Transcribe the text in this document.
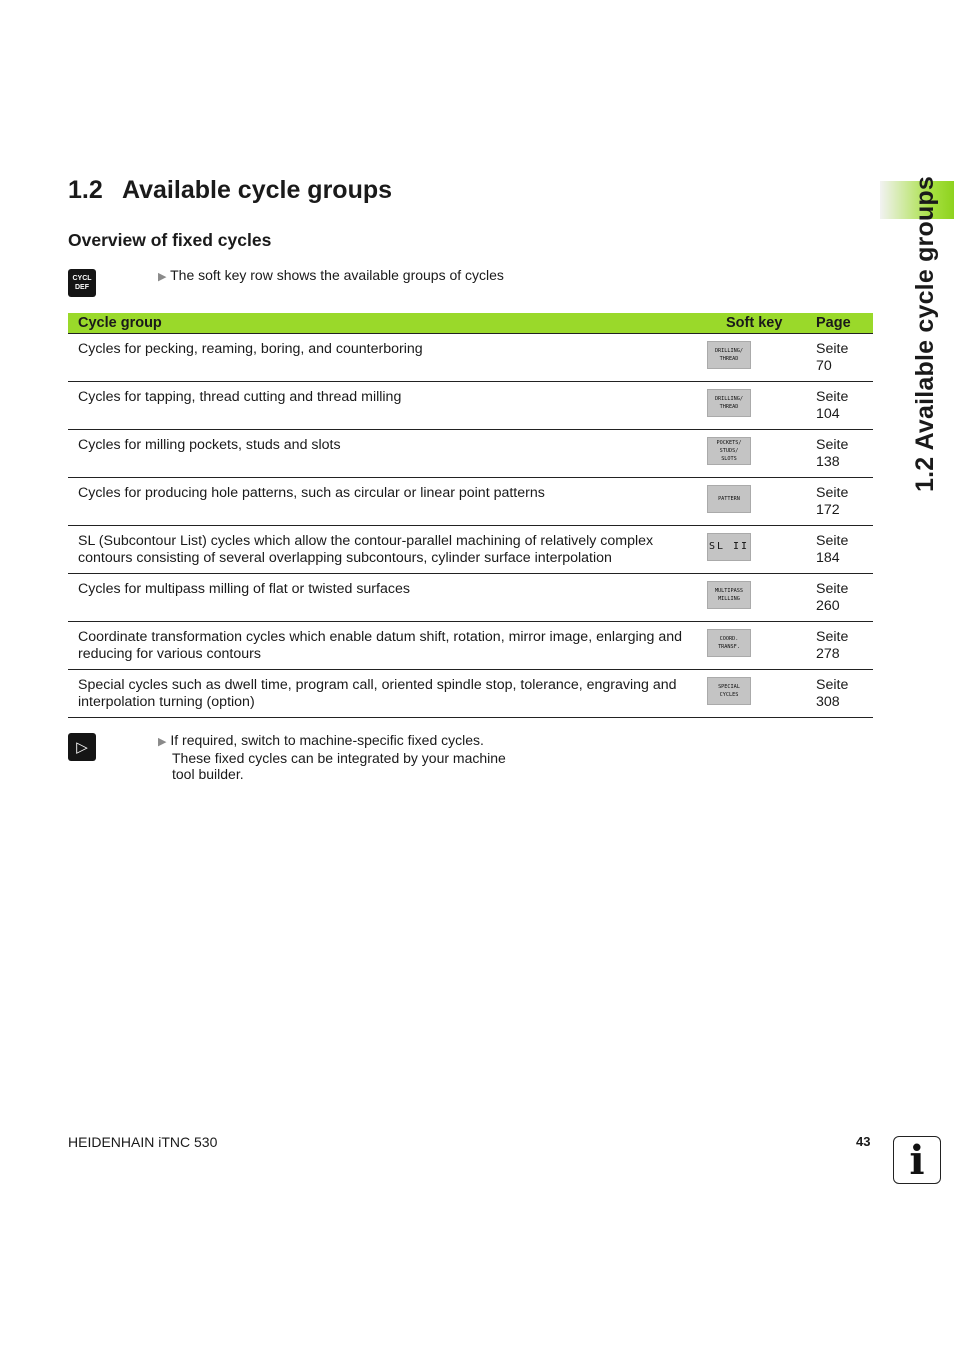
1.2 Available cycle groups
1.2 Available cycle groups
Overview of fixed cycles
CYCL
DEF
▶ The soft key row shows the available groups of cycles
Cycle group	Soft key	Page
Cycles for pecking, reaming, boring, and counterboring	DRILLING/
THREAD	Seite 70
Cycles for tapping, thread cutting and thread milling	DRILLING/
THREAD	Seite 104
Cycles for milling pockets, studs and slots	POCKETS/
STUDS/
SLOTS	Seite 138
Cycles for producing hole patterns, such as circular or linear point patterns	PATTERN	Seite 172
SL (Subcontour List) cycles which allow the contour-parallel machining of relatively complex contours consisting of several overlapping subcontours, cylinder surface interpolation	SL II	Seite 184
Cycles for multipass milling of flat or twisted surfaces	MULTIPASS
MILLING	Seite 260
Coordinate transformation cycles which enable datum shift, rotation, mirror image, enlarging and reducing for various contours	COORD.
TRANSF.	Seite 278
Special cycles such as dwell time, program call, oriented spindle stop, tolerance, engraving and interpolation turning (option)	SPECIAL
CYCLES	Seite 308
▷	▶ If required, switch to machine-specific fixed cycles.
These fixed cycles can be integrated by your machine
tool builder.
HEIDENHAIN iTNC 530	43 i
